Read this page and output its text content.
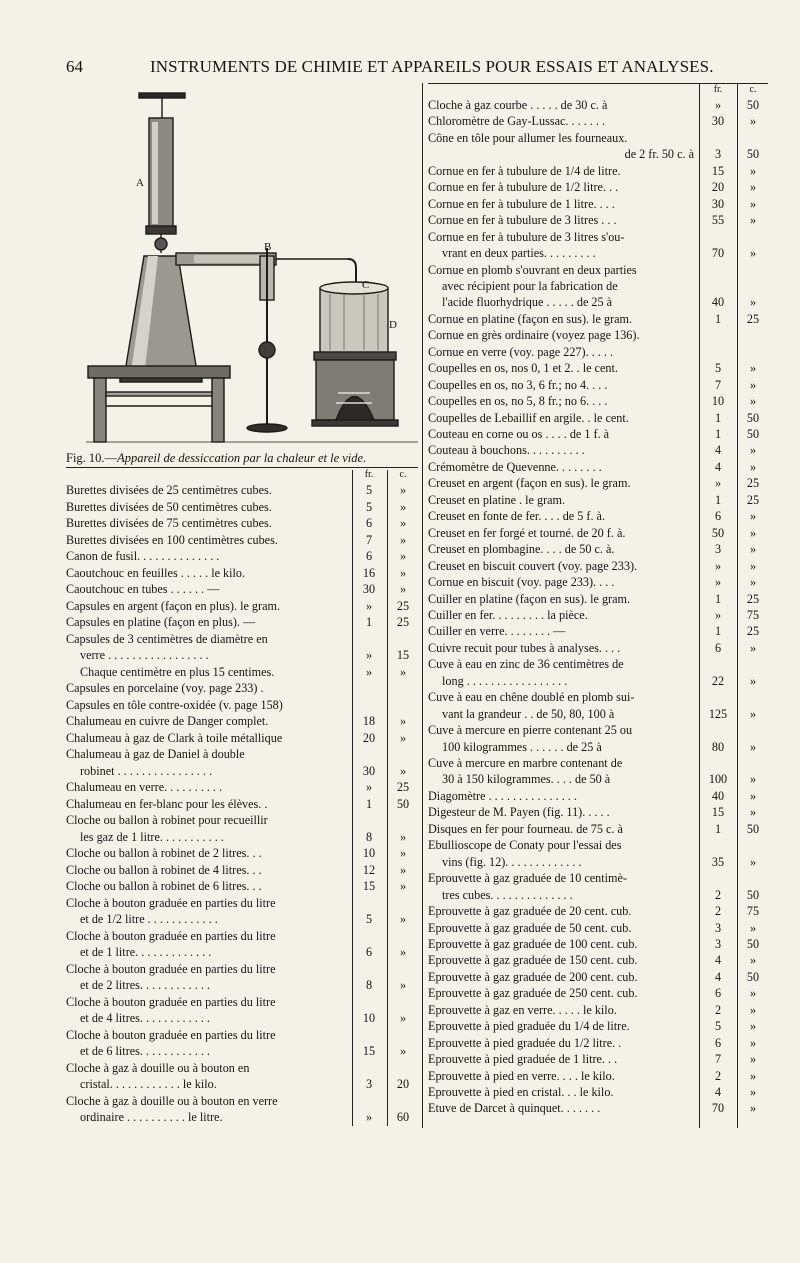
64	INSTRUMENTS DE CHIMIE ET APPAREILS POUR ESSAIS ET ANALYSES.
A
B
C
D
Fig. 10.—Appareil de dessiccation par la chaleur et le vide.
fr.	c.
Burettes divisées de 25 centimètres cubes.	5	»
Burettes divisées de 50 centimètres cubes.	5	»
Burettes divisées de 75 centimètres cubes.	6	»
Burettes divisées en 100 centimètres cubes.	7	»
Canon de fusil. . . . . . . . . . . . . .	6	»
Caoutchouc en feuilles . . . . . le kilo.	16	»
Caoutchouc en tubes . . . . . . —	30	»
Capsules en argent (façon en plus). le gram.	»	25
Capsules en platine (façon en plus). —	1	25
Capsules de 3 centimètres de diamètre en
verre . . . . . . . . . . . . . . . . .	»	15
Chaque centimètre en plus 15 centimes.	»	»
Capsules en porcelaine (voy. page 233) .
Capsules en tôle contre-oxidée (v. page 158)
Chalumeau en cuivre de Danger complet.	18	»
Chalumeau à gaz de Clark à toile métallique	20	»
Chalumeau à gaz de Daniel à double
robinet . . . . . . . . . . . . . . . .	30	»
Chalumeau en verre. . . . . . . . . .	»	25
Chalumeau en fer-blanc pour les élèves. .	1	50
Cloche ou ballon à robinet pour recueillir
les gaz de 1 litre. . . . . . . . . . .	8	»
Cloche ou ballon à robinet de 2 litres. . .	10	»
Cloche ou ballon à robinet de 4 litres. . .	12	»
Cloche ou ballon à robinet de 6 litres. . .	15	»
Cloche à bouton graduée en parties du litre
et de 1/2 litre . . . . . . . . . . . .	5	»
Cloche à bouton graduée en parties du litre
et de 1 litre. . . . . . . . . . . . .	6	»
Cloche à bouton graduée en parties du litre
et de 2 litres. . . . . . . . . . . .	8	»
Cloche à bouton graduée en parties du litre
et de 4 litres. . . . . . . . . . . .	10	»
Cloche à bouton graduée en parties du litre
et de 6 litres. . . . . . . . . . . .	15	»
Cloche à gaz à douille ou à bouton en
cristal. . . . . . . . . . . . le kilo.	3	20
Cloche à gaz à douille ou à bouton en verre
ordinaire . . . . . . . . . . le litre.	»	60
fr.	c.
Cloche à gaz courbe . . . . . de 30 c. à	»	50
Chloromètre de Gay-Lussac. . . . . . .	30	»
Cône en tôle pour allumer les fourneaux.
de 2 fr. 50 c. à	3	50
Cornue en fer à tubulure de 1/4 de litre.	15	»
Cornue en fer à tubulure de 1/2 litre. . .	20	»
Cornue en fer à tubulure de 1 litre. . . .	30	»
Cornue en fer à tubulure de 3 litres . . .	55	»
Cornue en fer à tubulure de 3 litres s'ou-
vrant en deux parties. . . . . . . . .	70	»
Cornue en plomb s'ouvrant en deux parties
avec récipient pour la fabrication de
l'acide fluorhydrique . . . . . de 25 à	40	»
Cornue en platine (façon en sus). le gram.	1	25
Cornue en grès ordinaire (voyez page 136).
Cornue en verre (voy. page 227). . . . .
Coupelles en os, nos 0, 1 et 2. . le cent.	5	»
Coupelles en os, no 3, 6 fr.; no 4. . . .	7	»
Coupelles en os, no 5, 8 fr.; no 6. . . .	10	»
Coupelles de Lebaillif en argile. . le cent.	1	50
Couteau en corne ou os . . . . de 1 f. à	1	50
Couteau à bouchons. . . . . . . . . .	4	»
Crémomètre de Quevenne. . . . . . . .	4	»
Creuset en argent (façon en sus). le gram.	»	25
Creuset en platine . le gram.	1	25
Creuset en fonte de fer. . . . de 5 f. à.	6	»
Creuset en fer forgé et tourné. de 20 f. à.	50	»
Creuset en plombagine. . . . de 50 c. à.	3	»
Creuset en biscuit couvert (voy. page 233).	»	»
Cornue en biscuit (voy. page 233). . . .	»	»
Cuiller en platine (façon en sus). le gram.	1	25
Cuiller en fer. . . . . . . . . la pièce.	»	75
Cuiller en verre. . . . . . . . —	1	25
Cuivre recuit pour tubes à analyses. . . .	6	»
Cuve à eau en zinc de 36 centimètres de
long . . . . . . . . . . . . . . . . .	22	»
Cuve à eau en chêne doublé en plomb sui-
vant la grandeur . . de 50, 80, 100 à	125	»
Cuve à mercure en pierre contenant 25 ou
100 kilogrammes . . . . . . de 25 à	80	»
Cuve à mercure en marbre contenant de
30 à 150 kilogrammes. . . . de 50 à	100	»
Diagomètre . . . . . . . . . . . . . . .	40	»
Digesteur de M. Payen (fig. 11). . . . .	15	»
Disques en fer pour fourneau. de 75 c. à	1	50
Ebullioscope de Conaty pour l'essai des
vins (fig. 12). . . . . . . . . . . . .	35	»
Eprouvette à gaz graduée de 10 centimè-
tres cubes. . . . . . . . . . . . . .	2	50
Eprouvette à gaz graduée de 20 cent. cub.	2	75
Eprouvette à gaz graduée de 50 cent. cub.	3	»
Eprouvette à gaz graduée de 100 cent. cub.	3	50
Eprouvette à gaz graduée de 150 cent. cub.	4	»
Eprouvette à gaz graduée de 200 cent. cub.	4	50
Eprouvette à gaz graduée de 250 cent. cub.	6	»
Eprouvette à gaz en verre. . . . . le kilo.	2	»
Eprouvette à pied graduée du 1/4 de litre.	5	»
Eprouvette à pied graduée du 1/2 litre. .	6	»
Eprouvette à pied graduée de 1 litre. . .	7	»
Eprouvette à pied en verre. . . . le kilo.	2	»
Eprouvette à pied en cristal. . . le kilo.	4	»
Etuve de Darcet à quinquet. . . . . . .	70	»
